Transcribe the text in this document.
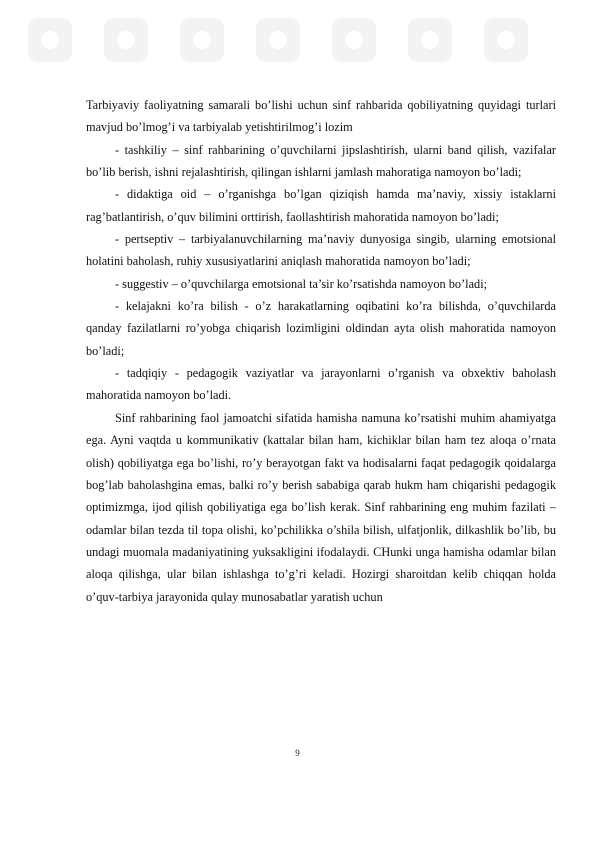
Tarbiyaviy faoliyatning samarali bo’lishi uchun sinf rahbarida qobiliyatning quyidagi turlari mavjud bo’lmog’i va tarbiyalab yetishtirilmog’i lozim

- tashkiliy – sinf rahbarining o’quvchilarni jipslashtirish, ularni band qilish, vazifalar bo’lib berish, ishni rejalashtirish, qilingan ishlarni jamlash mahoratiga namoyon bo’ladi;

- didaktiga oid – o’rganishga bo’lgan qiziqish hamda ma’naviy, xissiy istaklarni rag’batlantirish, o’quv bilimini orttirish, faollashtirish mahoratida namoyon bo’ladi;

- pertseptiv – tarbiyalanuvchilarning ma’naviy dunyosiga singib, ularning emotsional holatini baholash, ruhiy xususiyatlarini aniqlash mahoratida namoyon bo’ladi;

- suggestiv – o’quvchilarga emotsional ta’sir ko’rsatishda namoyon bo’ladi;

- kelajakni ko’ra bilish - o’z harakatlarning oqibatini ko’ra bilishda, o’quvchilarda qanday fazilatlarni ro’yobga chiqarish lozimligini oldindan ayta olish mahoratida namoyon bo’ladi;

- tadqiqiy - pedagogik vaziyatlar va jarayonlarni o’rganish va obxektiv baholash mahoratida namoyon bo’ladi.

Sinf rahbarining faol jamoatchi sifatida hamisha namuna ko’rsatishi muhim ahamiyatga ega. Ayni vaqtda u kommunikativ (kattalar bilan ham, kichiklar bilan ham tez aloqa o’rnata olish) qobiliyatga ega bo’lishi, ro’y berayotgan fakt va hodisalarni faqat pedagogik qoidalarga bog’lab baholashgina emas, balki ro’y berish sababiga qarab hukm ham chiqarishi pedagogik optimizmga, ijod qilish qobiliyatiga ega bo’lish kerak. Sinf rahbarining eng muhim fazilati – odamlar bilan tezda til topa olishi, ko’pchilikka o’shila bilish, ulfatjonlik, dilkashlik bo’lib, bu undagi muomala madaniyatining yuksakligini ifodalaydi. CHunki unga hamisha odamlar bilan aloqa qilishga, ular bilan ishlashga to’g’ri keladi. Hozirgi sharoitdan kelib chiqqan holda o’quv-tarbiya jarayonida qulay munosabatlar yaratish uchun

9
